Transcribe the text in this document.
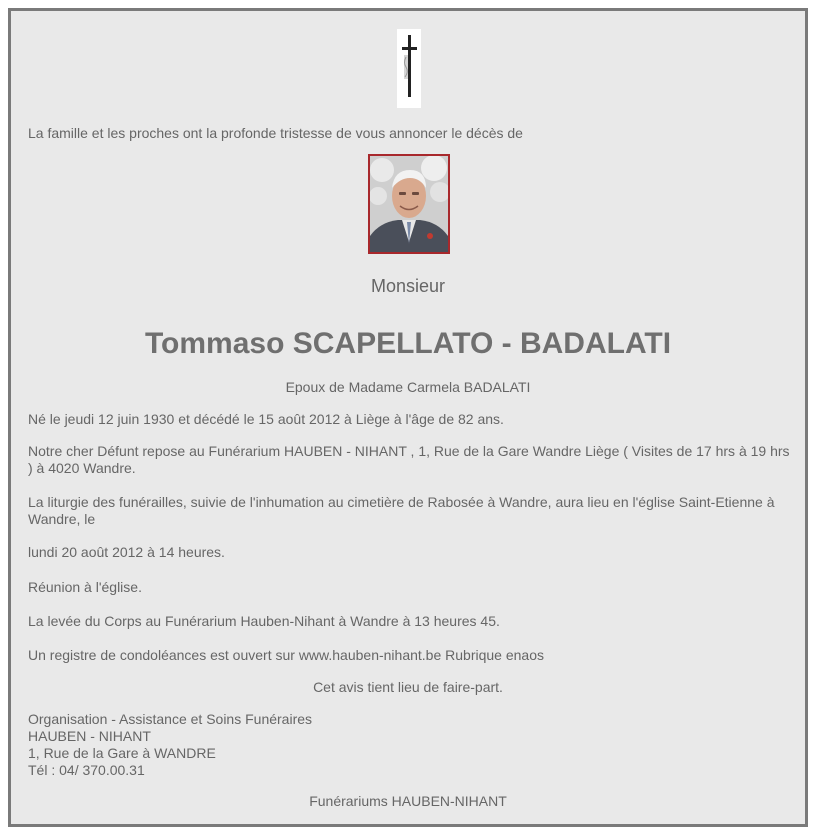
La famille et les proches ont la profonde tristesse de vous annoncer le décès de

Monsieur

Tommaso SCAPELLATO - BADALATI

Epoux de Madame Carmela BADALATI

Né le jeudi 12 juin 1930 et décédé le 15 août 2012 à Liège à l'âge de 82 ans.

Notre cher Défunt repose au Funérarium HAUBEN - NIHANT , 1, Rue de la Gare Wandre Liège ( Visites de 17 hrs à 19 hrs ) à 4020 Wandre.

La liturgie des funérailles, suivie de l'inhumation au cimetière de Rabosée à Wandre, aura lieu en l'église Saint-Etienne à Wandre, le

lundi 20 août 2012 à 14 heures.

Réunion à l'église.

La levée du Corps au Funérarium Hauben-Nihant à Wandre à 13 heures 45.

Un registre de condoléances est ouvert sur www.hauben-nihant.be Rubrique enaos

Cet avis tient lieu de faire-part.

Organisation - Assistance et Soins Funéraires

HAUBEN - NIHANT

1, Rue de la Gare à WANDRE

Tél : 04/ 370.00.31

Funérariums HAUBEN-NIHANT
